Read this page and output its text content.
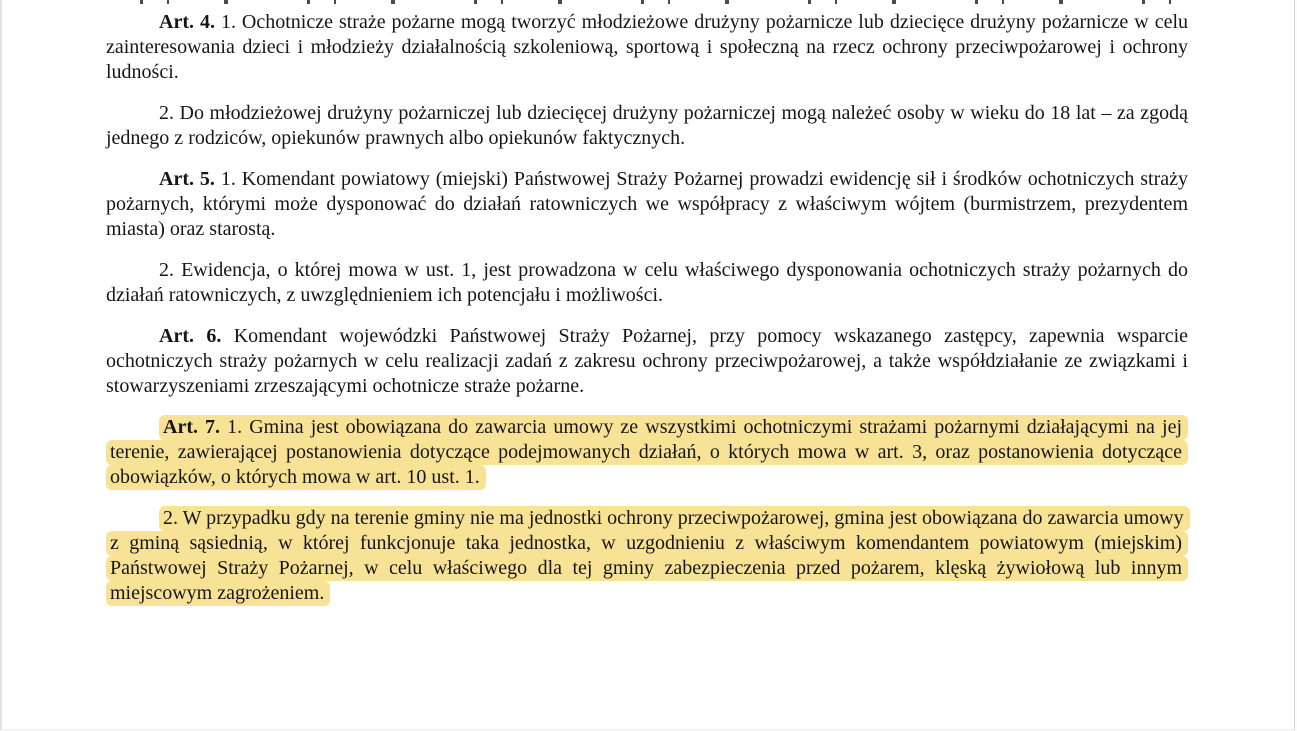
Art. 4. 1. Ochotnicze straże pożarne mogą tworzyć młodzieżowe drużyny pożarnicze lub dziecięce drużyny pożarnicze w celu zainteresowania dzieci i młodzieży działalnością szkoleniową, sportową i społeczną na rzecz ochrony przeciwpożarowej i ochrony ludności.

2. Do młodzieżowej drużyny pożarniczej lub dziecięcej drużyny pożarniczej mogą należeć osoby w wieku do 18 lat – za zgodą jednego z rodziców, opiekunów prawnych albo opiekunów faktycznych.

Art. 5. 1. Komendant powiatowy (miejski) Państwowej Straży Pożarnej prowadzi ewidencję sił i środków ochotniczych straży pożarnych, którymi może dysponować do działań ratowniczych we współpracy z właściwym wójtem (burmistrzem, prezydentem miasta) oraz starostą.

2. Ewidencja, o której mowa w ust. 1, jest prowadzona w celu właściwego dysponowania ochotniczych straży pożarnych do działań ratowniczych, z uwzględnieniem ich potencjału i możliwości.

Art. 6. Komendant wojewódzki Państwowej Straży Pożarnej, przy pomocy wskazanego zastępcy, zapewnia wsparcie ochotniczych straży pożarnych w celu realizacji zadań z zakresu ochrony przeciwpożarowej, a także współdziałanie ze związkami i stowarzyszeniami zrzeszającymi ochotnicze straże pożarne.

Art. 7. 1. Gmina jest obowiązana do zawarcia umowy ze wszystkimi ochotniczymi strażami pożarnymi działającymi na jej terenie, zawierającej postanowienia dotyczące podejmowanych działań, o których mowa w art. 3, oraz postanowienia dotyczące obowiązków, o których mowa w art. 10 ust. 1.

2. W przypadku gdy na terenie gminy nie ma jednostki ochrony przeciwpożarowej, gmina jest obowiązana do zawarcia umowy z gminą sąsiednią, w której funkcjonuje taka jednostka, w uzgodnieniu z właściwym komendantem powiatowym (miejskim) Państwowej Straży Pożarnej, w celu właściwego dla tej gminy zabezpieczenia przed pożarem, klęską żywiołową lub innym miejscowym zagrożeniem.
